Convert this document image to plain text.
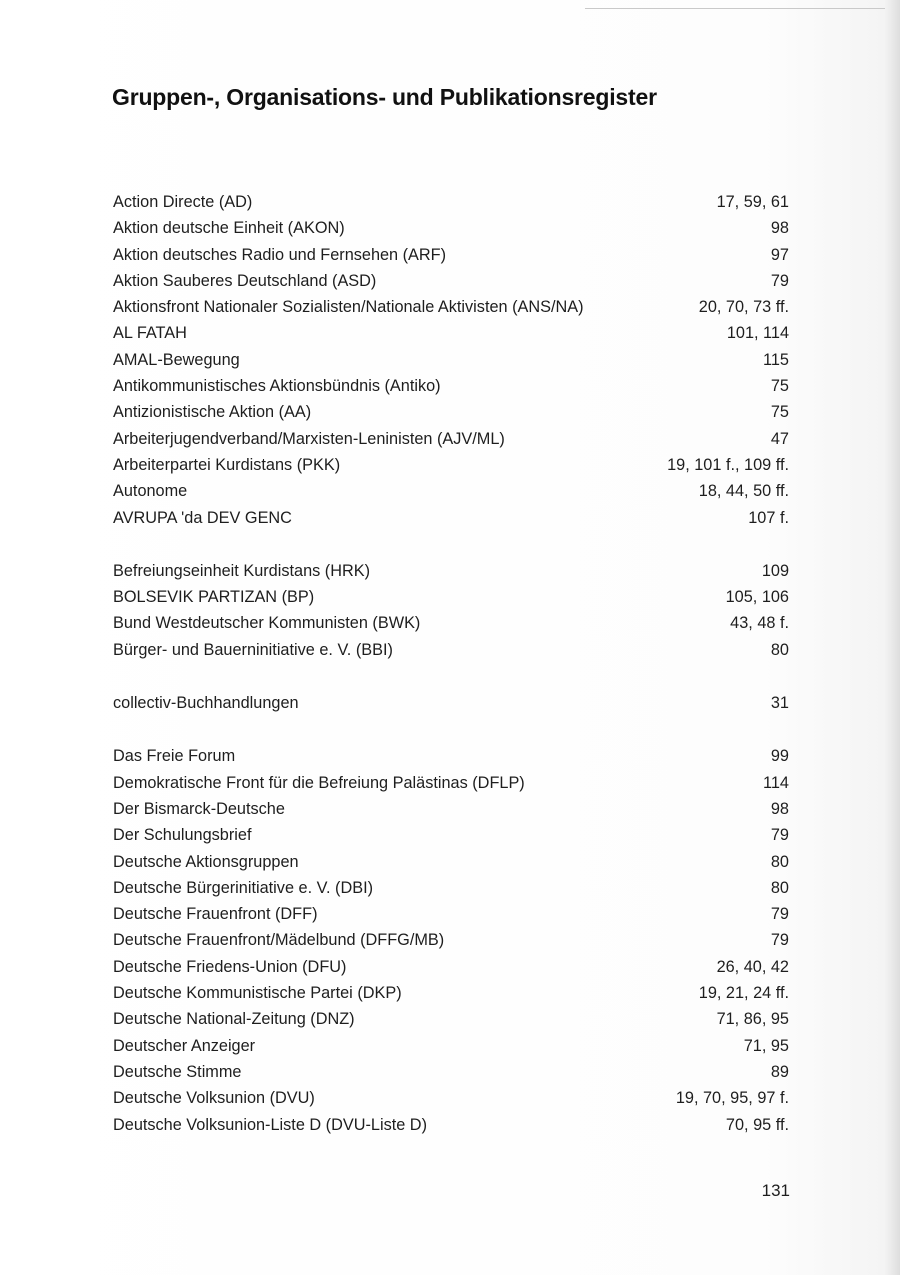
Gruppen-, Organisations- und Publikationsregister
Action Directe (AD)	17, 59, 61
Aktion deutsche Einheit (AKON)	98
Aktion deutsches Radio und Fernsehen (ARF)	97
Aktion Sauberes Deutschland (ASD)	79
Aktionsfront Nationaler Sozialisten/Nationale Aktivisten (ANS/NA)	20, 70, 73 ff.
AL FATAH	101, 114
AMAL-Bewegung	115
Antikommunistisches Aktionsbündnis (Antiko)	75
Antizionistische Aktion (AA)	75
Arbeiterjugendverband/Marxisten-Leninisten (AJV/ML)	47
Arbeiterpartei Kurdistans (PKK)	19, 101 f., 109 ff.
Autonome	18, 44, 50 ff.
AVRUPA 'da DEV GENC	107 f.
Befreiungseinheit Kurdistans (HRK)	109
BOLSEVIK PARTIZAN (BP)	105, 106
Bund Westdeutscher Kommunisten (BWK)	43, 48 f.
Bürger- und Bauerninitiative e. V. (BBI)	80
collectiv-Buchhandlungen	31
Das Freie Forum	99
Demokratische Front für die Befreiung Palästinas (DFLP)	114
Der Bismarck-Deutsche	98
Der Schulungsbrief	79
Deutsche Aktionsgruppen	80
Deutsche Bürgerinitiative e. V. (DBI)	80
Deutsche Frauenfront (DFF)	79
Deutsche Frauenfront/Mädelbund (DFFG/MB)	79
Deutsche Friedens-Union (DFU)	26, 40, 42
Deutsche Kommunistische Partei (DKP)	19, 21, 24 ff.
Deutsche National-Zeitung (DNZ)	71, 86, 95
Deutscher Anzeiger	71, 95
Deutsche Stimme	89
Deutsche Volksunion (DVU)	19, 70, 95, 97 f.
Deutsche Volksunion-Liste D (DVU-Liste D)	70, 95 ff.
131
